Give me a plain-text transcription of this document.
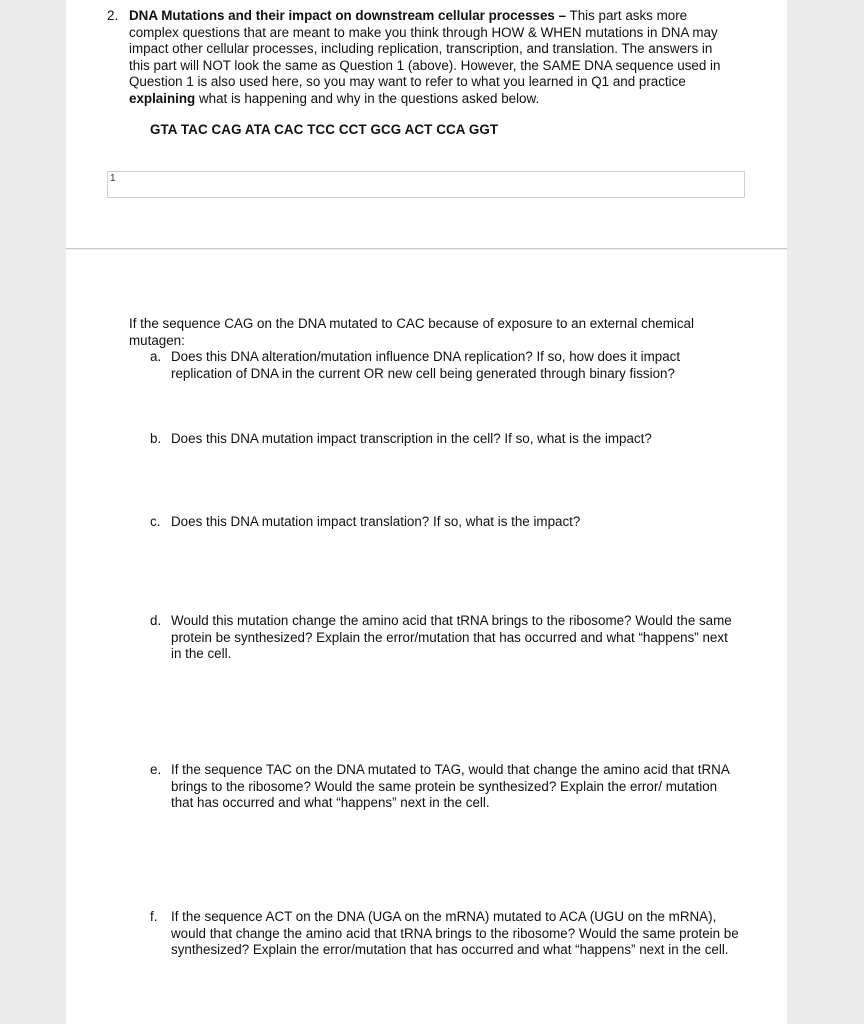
2. DNA Mutations and their impact on downstream cellular processes – This part asks more complex questions that are meant to make you think through HOW & WHEN mutations in DNA may impact other cellular processes, including replication, transcription, and translation. The answers in this part will NOT look the same as Question 1 (above). However, the SAME DNA sequence used in Question 1 is also used here, so you may want to refer to what you learned in Q1 and practice explaining what is happening and why in the questions asked below.
GTA TAC CAG ATA CAC TCC CCT GCG ACT CCA GGT
1
If the sequence CAG on the DNA mutated to CAC because of exposure to an external chemical mutagen:
a. Does this DNA alteration/mutation influence DNA replication? If so, how does it impact replication of DNA in the current OR new cell being generated through binary fission?
b. Does this DNA mutation impact transcription in the cell? If so, what is the impact?
c. Does this DNA mutation impact translation? If so, what is the impact?
d. Would this mutation change the amino acid that tRNA brings to the ribosome? Would the same protein be synthesized? Explain the error/mutation that has occurred and what “happens” next in the cell.
e. If the sequence TAC on the DNA mutated to TAG, would that change the amino acid that tRNA brings to the ribosome? Would the same protein be synthesized? Explain the error/ mutation that has occurred and what “happens” next in the cell.
f.	If the sequence ACT on the DNA (UGA on the mRNA) mutated to ACA (UGU on the mRNA), would that change the amino acid that tRNA brings to the ribosome? Would the same protein be synthesized? Explain the error/mutation that has occurred and what “happens” next in the cell.
